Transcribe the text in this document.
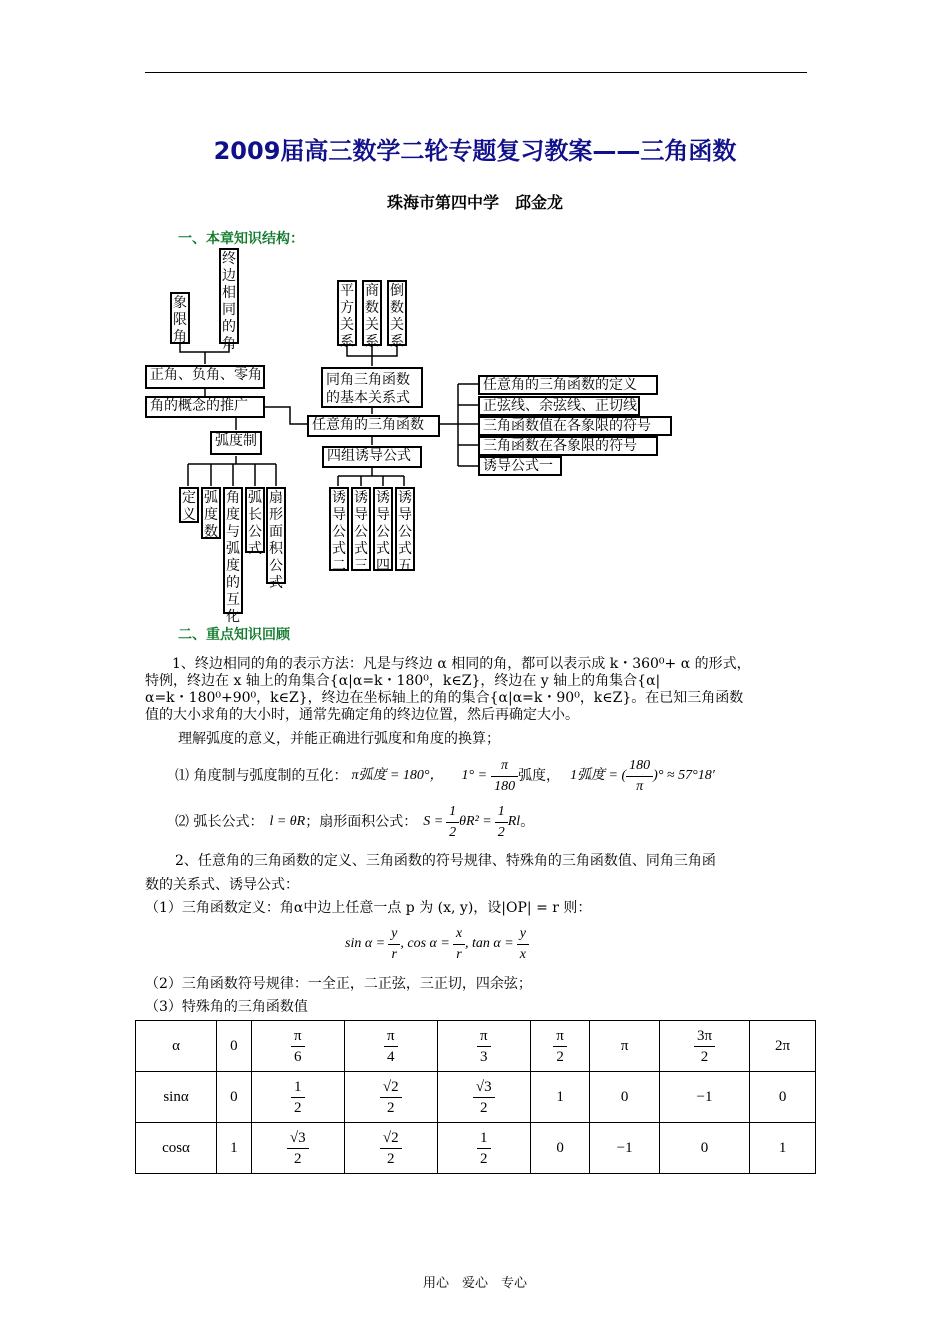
2009届高三数学二轮专题复习教案——三角函数
珠海市第四中学　邱金龙
一、本章知识结构：
象限角
终边相同的角
正角、负角、零角
角的概念的推广
弧度制
定义
弧度数
角度与弧度的互化
弧长公式
扇形面积公式
平方关系
商数关系
倒数关系
同角三角函数的基本关系式
任意角的三角函数
四组诱导公式
诱导公式二
诱导公式三
诱导公式四
诱导公式五
任意角的三角函数的定义
正弦线、余弦线、正切线
三角函数值在各象限的符号
三角函数在各象限的符号
诱导公式一
二、重点知识回顾
1、终边相同的角的表示方法：凡是与终边 α 相同的角，都可以表示成 k・360⁰+ α 的形式，
特例，终边在 x 轴上的角集合{α|α=k・180⁰，k∈Z}，终边在 y 轴上的角集合{α|
α=k・180⁰+90⁰，k∈Z}，终边在坐标轴上的角的集合{α|α=k・90⁰，k∈Z}。在已知三角函数
值的大小求角的大小时，通常先确定角的终边位置，然后再确定大小。
理解弧度的意义，并能正确进行弧度和角度的换算；
⑴ 角度制与弧度制的互化： π弧度 = 180°， $1^\circ = \frac{\pi}{180}$ 弧度， 1弧度 = ( $\frac{180}{\pi}$ )° ≈ 57°18′
⑵ 弧长公式： l = θR ；扇形面积公式： $S = \frac{1}{2} \theta R^2 = \frac{1}{2}$ Rl 。
2、任意角的三角函数的定义、三角函数的符号规律、特殊角的三角函数值、同角三角函
数的关系式、诱导公式：
（1）三角函数定义：角α中边上任意一点 p 为 (x, y)，设|OP| = r 则：
$\sin \alpha = \frac{y}{r}$ , $\cos \alpha = \frac{x}{r}$ , $\tan \alpha = \frac{y}{x}$
（2）三角函数符号规律：一全正，二正弦，三正切，四余弦；
（3）特殊角的三角函数值
α	0	$\frac{\pi}{6}$	$\frac{\pi}{4}$	$\frac{\pi}{3}$	$\frac{\pi}{2}$	π	$\frac{3\pi}{2}$	2π
sinα	0	$\frac{1}{2}$	$\frac{√2}{2}$	$\frac{√3}{2}$	1	0	−1	0
cosα	1	$\frac{√3}{2}$	$\frac{√2}{2}$	$\frac{1}{2}$	0	−1	0	1
用心　爱心　专心
